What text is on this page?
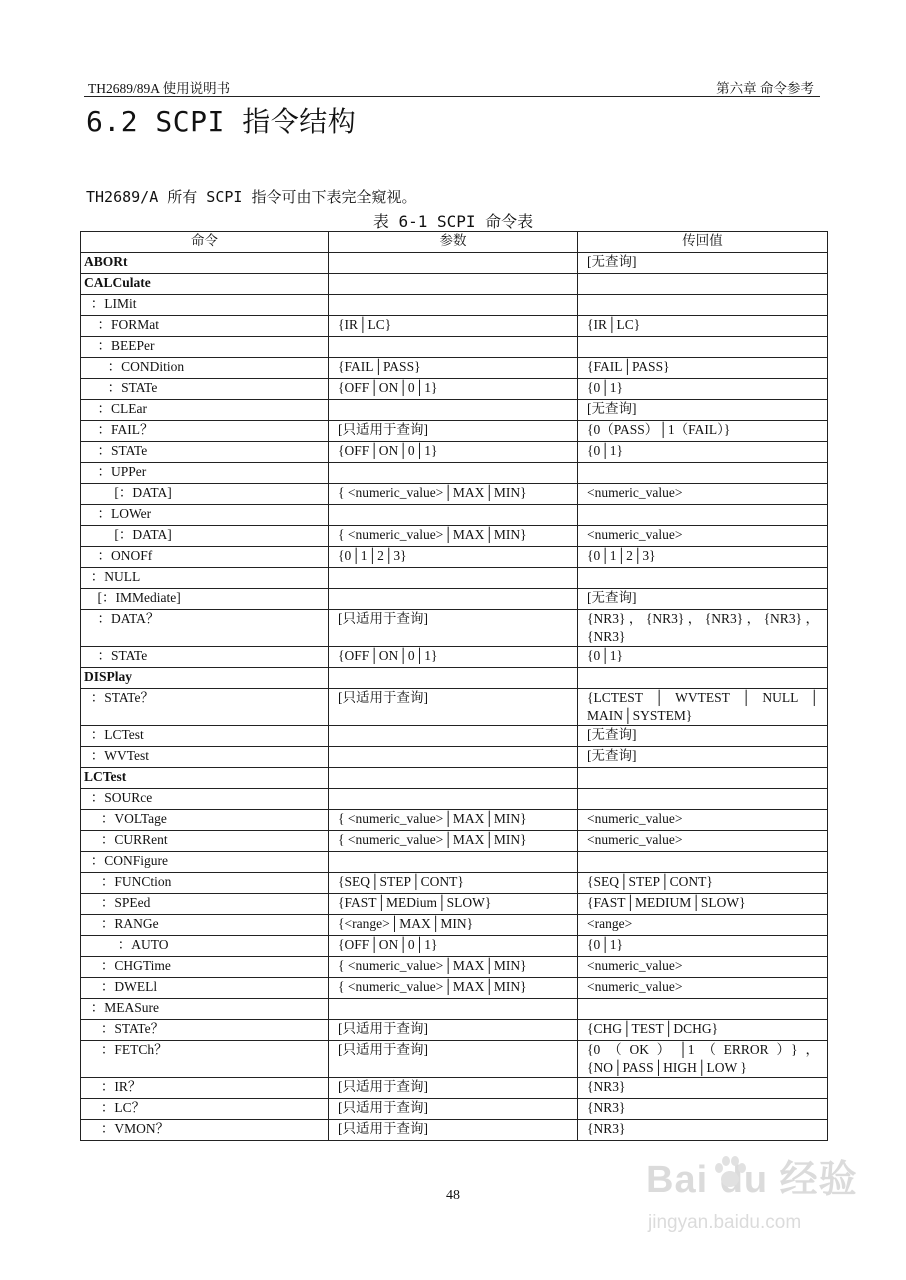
TH2689/89A 使用说明书	第六章 命令参考
6.2 SCPI 指令结构
TH2689/A 所有 SCPI 指令可由下表完全窥视。
表 6-1 SCPI 命令表
命令	参数	传回值
ABORt		[无查询]
CALCulate		
：LIMit		
：FORMat	{IR│LC}	{IR│LC}
：BEEPer		
：CONDition	{FAIL│PASS}	{FAIL│PASS}
：STATe	{OFF│ON│0│1}	{0│1}
：CLEar		[无查询]
：FAIL？	[只适用于查询]	{0（PASS）│1（FAIL）}
：STATe	{OFF│ON│0│1}	{0│1}
：UPPer		
[：DATA]	{ <numeric_value>│MAX│MIN}	<numeric_value>
：LOWer		
[：DATA]	{ <numeric_value>│MAX│MIN}	<numeric_value>
：ONOFf	{0│1│2│3}	{0│1│2│3}
：NULL		
[：IMMediate]		[无查询]
：DATA？	[只适用于查询]	{NR3}，{NR3}，{NR3}，{NR3}，{NR3}
：STATe	{OFF│ON│0│1}	{0│1}
DISPlay		
：STATe？	[只适用于查询]	{LCTEST │ WVTEST │ NULL │ MAIN│SYSTEM}
：LCTest		[无查询]
：WVTest		[无查询]
LCTest		
：SOURce		
：VOLTage	{ <numeric_value>│MAX│MIN}	<numeric_value>
：CURRent	{ <numeric_value>│MAX│MIN}	<numeric_value>
：CONFigure		
：FUNCtion	{SEQ│STEP│CONT}	{SEQ│STEP│CONT}
：SPEed	{FAST│MEDium│SLOW}	{FAST│MEDIUM│SLOW}
：RANGe	{<range>│MAX│MIN}	<range>
：AUTO	{OFF│ON│0│1}	{0│1}
：CHGTime	{ <numeric_value>│MAX│MIN}	<numeric_value>
：DWELl	{ <numeric_value>│MAX│MIN}	<numeric_value>
：MEASure		
：STATe？	[只适用于查询]	{CHG│TEST│DCHG}
：FETCh？	[只适用于查询]	{0（OK）│1（ERROR）}，{NO│PASS│HIGH│LOW }
：IR？	[只适用于查询]	{NR3}
：LC？	[只适用于查询]	{NR3}
：VMON？	[只适用于查询]	{NR3}
48	Bai du 经验
jingyan.baidu.com
